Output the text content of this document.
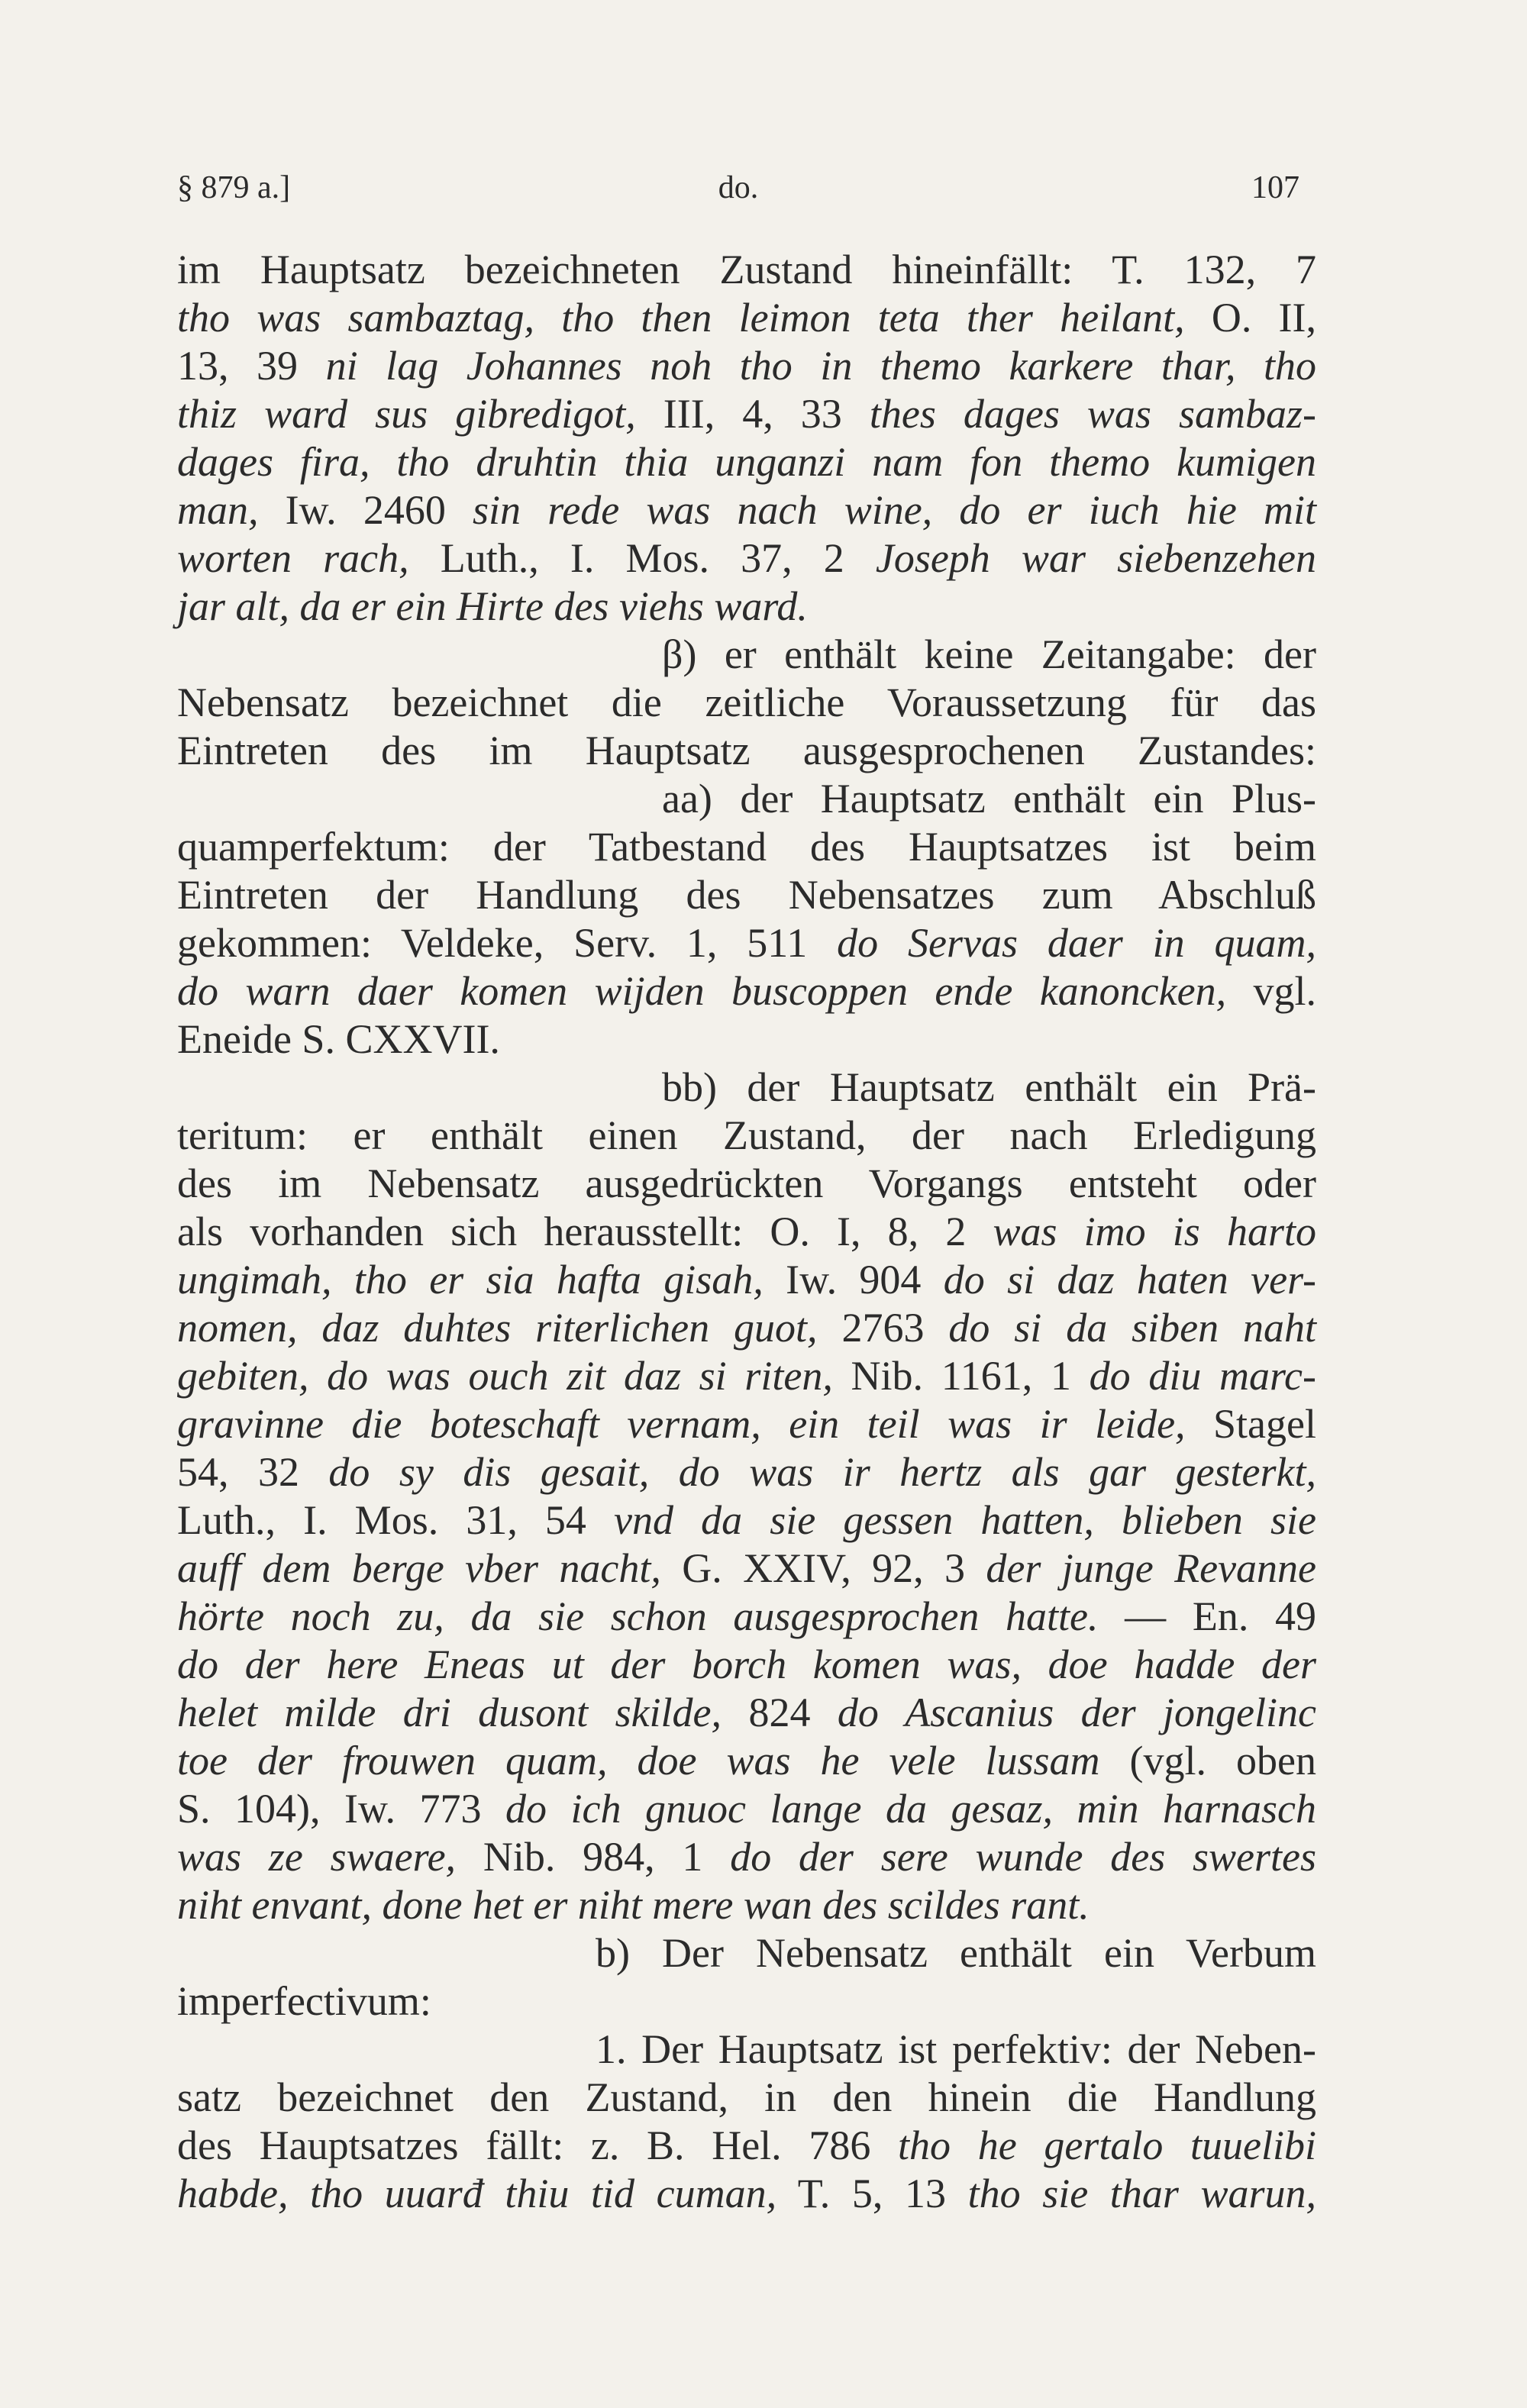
§ 879 a.]	do.	107
im Hauptsatz bezeichneten Zustand hineinfällt: T. 132, 7
tho was sambaztag, tho then leimon teta ther heilant, O. II,
13, 39 ni lag Johannes noh tho in themo karkere thar, tho
thiz ward sus gibredigot, III, 4, 33 thes dages was sambaz-
dages fira, tho druhtin thia unganzi nam fon themo kumigen
man, Iw. 2460 sin rede was nach wine, do er iuch hie mit
worten rach, Luth., I. Mos. 37, 2 Joseph war siebenzehen
jar alt, da er ein Hirte des viehs ward.
β) er enthält keine Zeitangabe: der
Nebensatz bezeichnet die zeitliche Voraussetzung für das
Eintreten des im Hauptsatz ausgesprochenen Zustandes:
aa) der Hauptsatz enthält ein Plus-
quamperfektum: der Tatbestand des Hauptsatzes ist beim
Eintreten der Handlung des Nebensatzes zum Abschluß
gekommen: Veldeke, Serv. 1, 511 do Servas daer in quam,
do warn daer komen wijden buscoppen ende kanoncken, vgl.
Eneide S. CXXVII.
bb) der Hauptsatz enthält ein Prä-
teritum: er enthält einen Zustand, der nach Erledigung
des im Nebensatz ausgedrückten Vorgangs entsteht oder
als vorhanden sich herausstellt: O. I, 8, 2 was imo is harto
ungimah, tho er sia hafta gisah, Iw. 904 do si daz haten ver-
nomen, daz duhtes riterlichen guot, 2763 do si da siben naht
gebiten, do was ouch zit daz si riten, Nib. 1161, 1 do diu marc-
gravinne die boteschaft vernam, ein teil was ir leide, Stagel
54, 32 do sy dis gesait, do was ir hertz als gar gesterkt,
Luth., I. Mos. 31, 54 vnd da sie gessen hatten, blieben sie
auff dem berge vber nacht, G. XXIV, 92, 3 der junge Revanne
hörte noch zu, da sie schon ausgesprochen hatte. — En. 49
do der here Eneas ut der borch komen was, doe hadde der
helet milde dri dusont skilde, 824 do Ascanius der jongelinc
toe der frouwen quam, doe was he vele lussam (vgl. oben
S. 104), Iw. 773 do ich gnuoc lange da gesaz, min harnasch
was ze swaere, Nib. 984, 1 do der sere wunde des swertes
niht envant, done het er niht mere wan des scildes rant.
b) Der Nebensatz enthält ein Verbum
imperfectivum:
1. Der Hauptsatz ist perfektiv: der Neben-
satz bezeichnet den Zustand, in den hinein die Handlung
des Hauptsatzes fällt: z. B. Hel. 786 tho he gertalo tuuelibi
habde, tho uuarđ thiu tid cuman, T. 5, 13 tho sie thar warun,
